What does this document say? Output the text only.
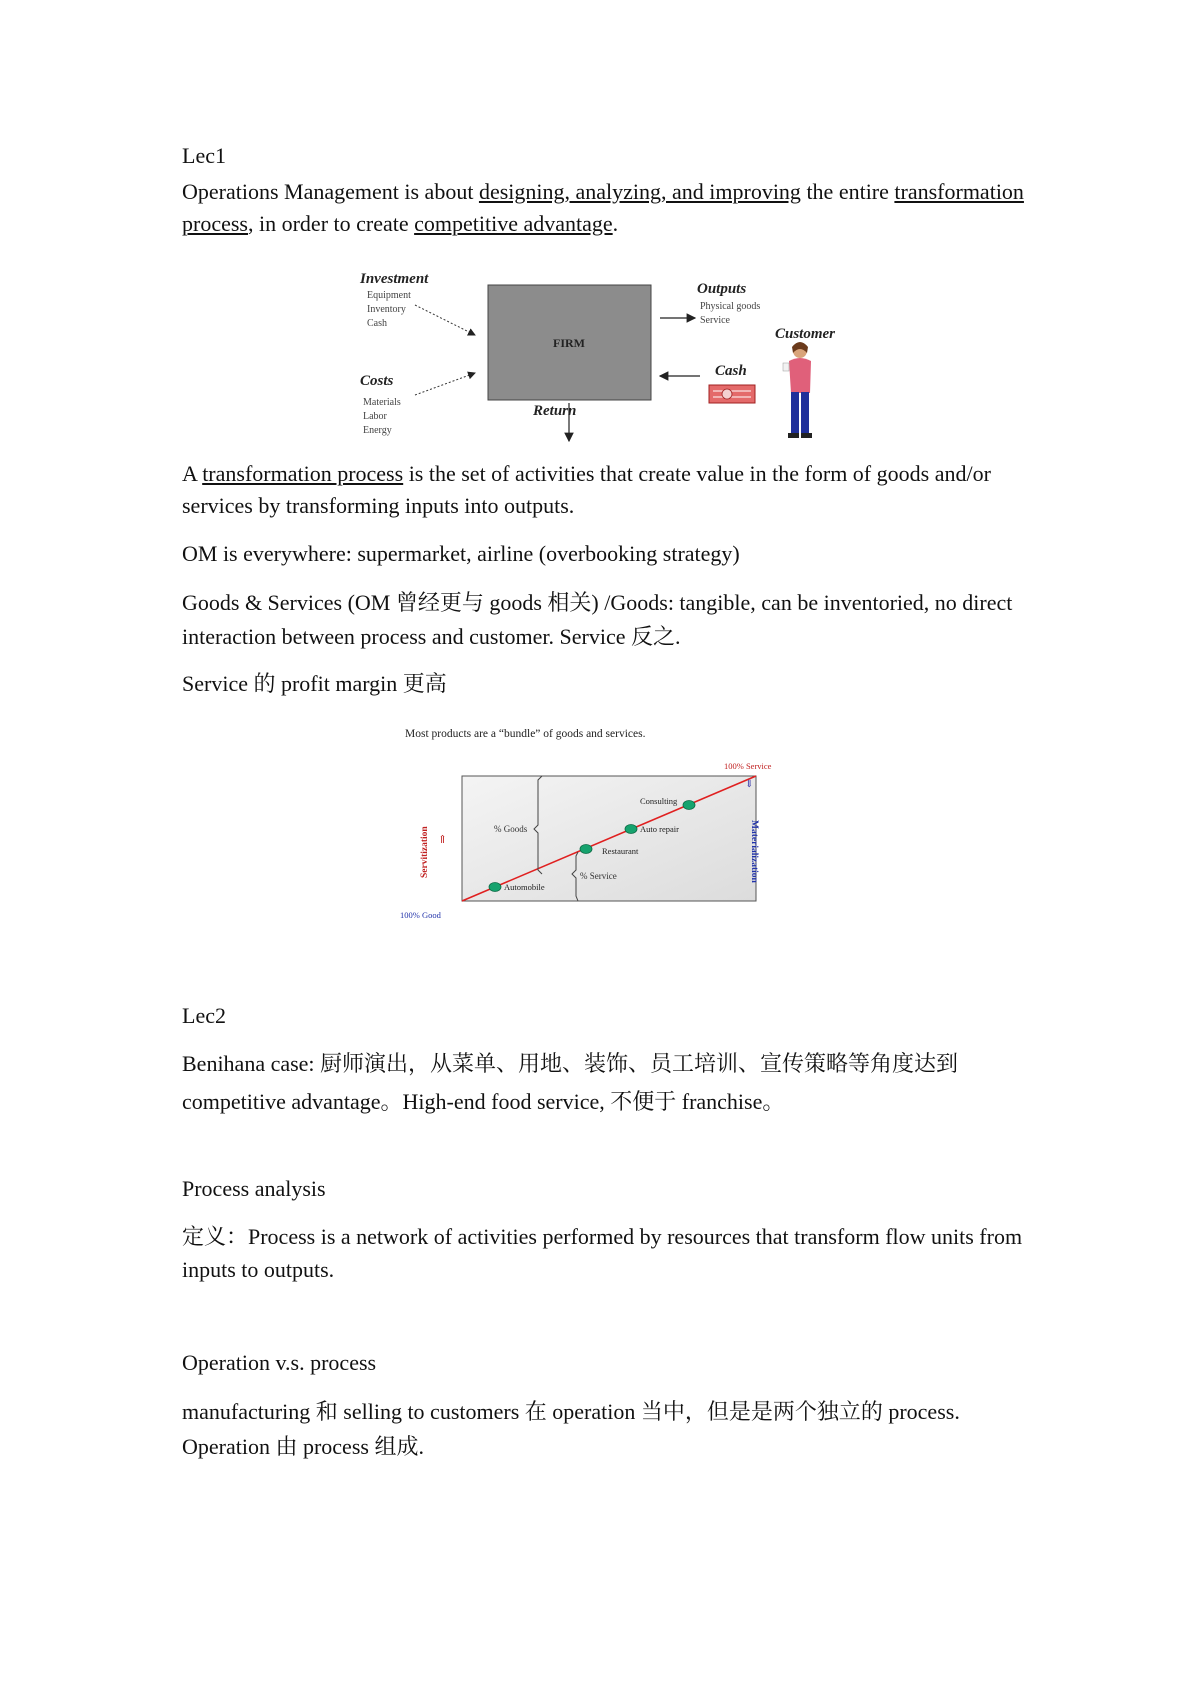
Lec1

Operations Management is about designing, analyzing, and improving the entire transformation process, in order to create competitive advantage.

A transformation process is the set of activities that create value in the form of goods and/or services by transforming inputs into outputs.

OM is everywhere: supermarket, airline (overbooking strategy)

Goods & Services (OM 曾经更与 goods 相关) /Goods: tangible, can be inventoried, no direct interaction between process and customer. Service 反之.

Service 的 profit margin 更高

Lec2

Benihana case: 厨师演出，从菜单、用地、装饰、员工培训、宣传策略等角度达到 competitive advantage。High-end food service, 不便于 franchise。

Process analysis

定义：Process is a network of activities performed by resources that transform flow units from inputs to outputs.

Operation v.s. process

manufacturing 和 selling to customers 在 operation 当中，但是是两个独立的 process. Operation 由 process 组成.

Investment
Equipment
Inventory
Cash
Costs
Materials
Labor
Energy
FIRM
Outputs
Physical goods
Service
Customer
Cash
Return
Most products are a “bundle” of goods and services.
% Goods
% Service
100% Service
⇓
100% Good
Servitization ⇑	Materialization
Automobile
Restaurant
Auto repair
Consulting
